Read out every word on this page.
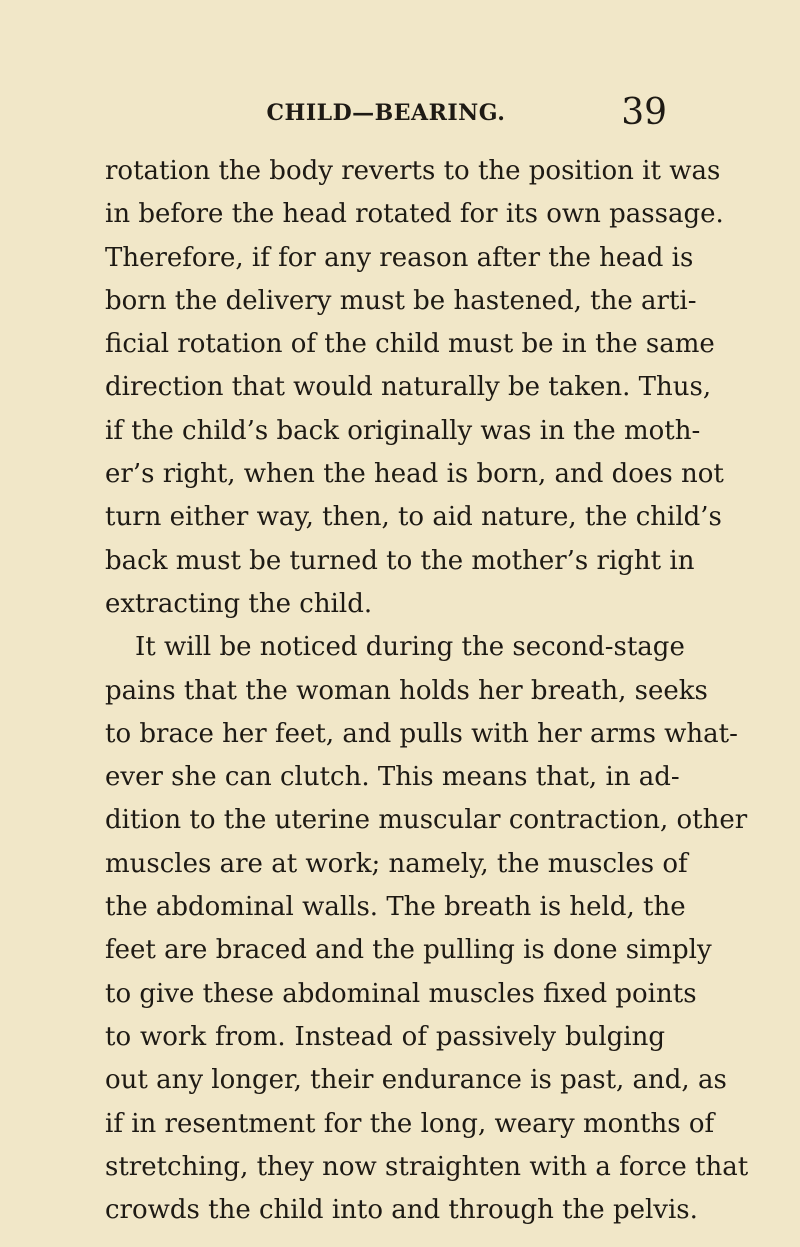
CHILD—BEARING.	39
rotation the body reverts to the position it was
in before the head rotated for its own passage.
Therefore, if for any reason after the head is
born the delivery must be hastened, the arti-
ficial rotation of the child must be in the same
direction that would naturally be taken. Thus,
if the child’s back originally was in the moth-
er’s right, when the head is born, and does not
turn either way, then, to aid nature, the child’s
back must be turned to the mother’s right in
extracting the child.
It will be noticed during the second-stage
pains that the woman holds her breath, seeks
to brace her feet, and pulls with her arms what-
ever she can clutch. This means that, in ad-
dition to the uterine muscular contraction, other
muscles are at work; namely, the muscles of
the abdominal walls. The breath is held, the
feet are braced and the pulling is done simply
to give these abdominal muscles fixed points
to work from. Instead of passively bulging
out any longer, their endurance is past, and, as
if in resentment for the long, weary months of
stretching, they now straighten with a force that
crowds the child into and through the pelvis.
